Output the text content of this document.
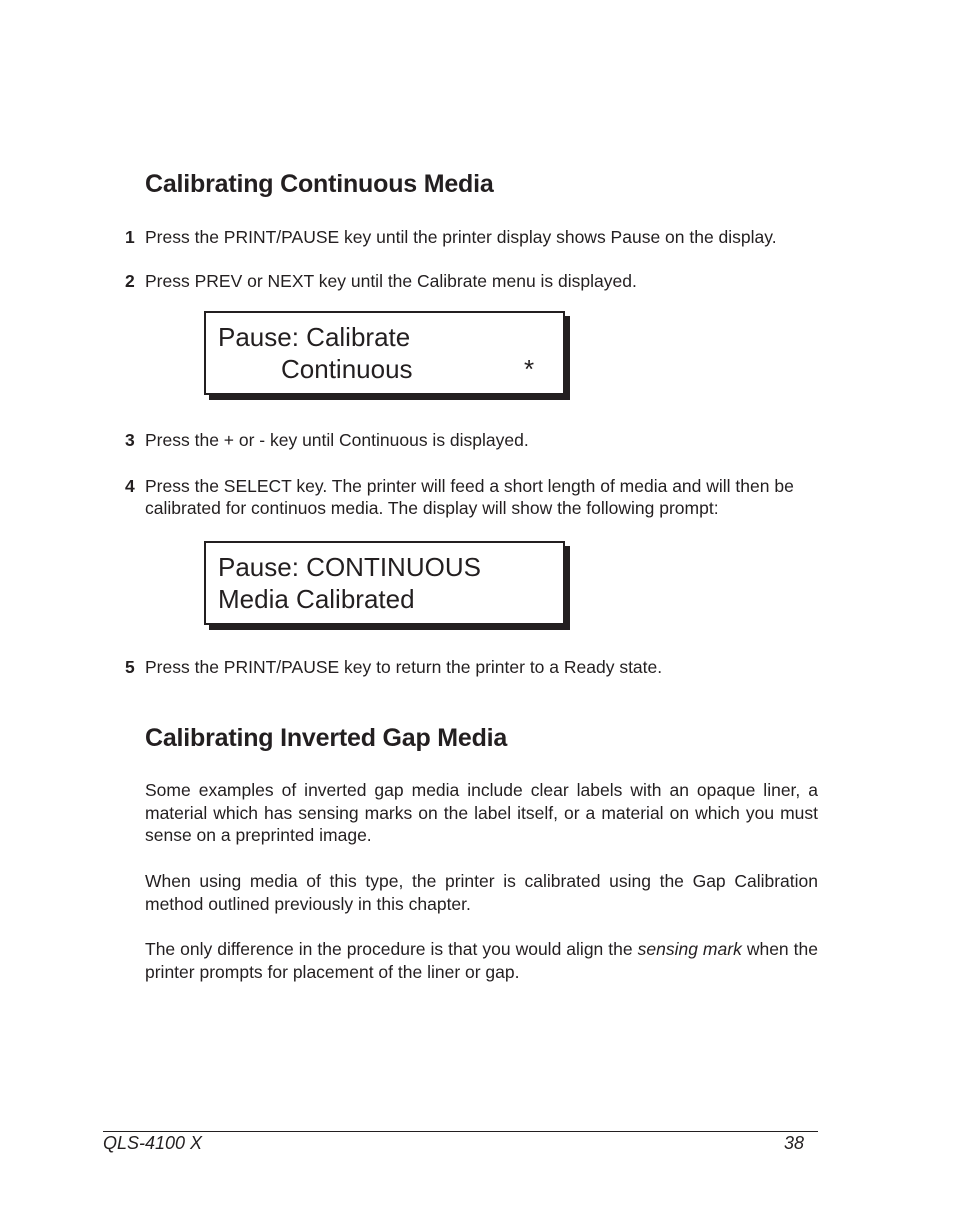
Calibrating Continuous Media
1 Press the PRINT/PAUSE key until the printer display shows Pause on the display.
2 Press PREV or NEXT key until the Calibrate menu is displayed.
Pause: Calibrate
Continuous	*
3 Press the + or - key until Continuous is displayed.
4 Press the SELECT key. The printer will feed a short length of media and will then be calibrated for continuos media. The display will show the following prompt:
Pause: CONTINUOUS
Media Calibrated
5 Press the PRINT/PAUSE key to return the printer to a Ready state.
Calibrating Inverted Gap Media
Some examples of inverted gap media include clear labels with an opaque liner, a material which has sensing marks on the label itself, or a material on which you must sense on a preprinted image.
When using media of this type, the printer is calibrated using the Gap Calibration method outlined previously in this chapter.
The only difference in the procedure is that you would align the sensing mark when the printer prompts for placement of the liner or gap.
QLS-4100 X	38
